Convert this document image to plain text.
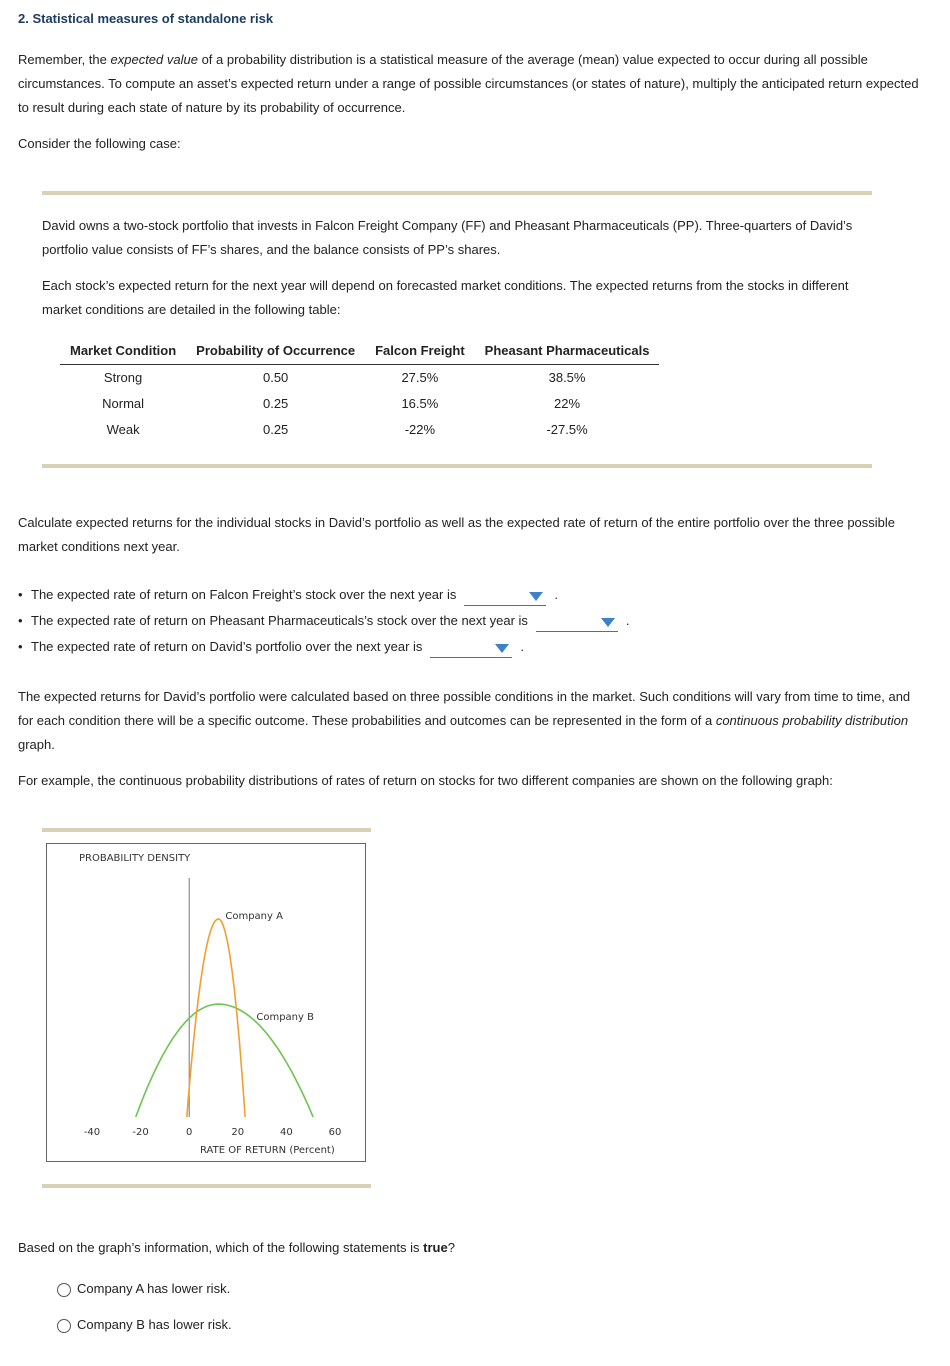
2. Statistical measures of standalone risk
Remember, the expected value of a probability distribution is a statistical measure of the average (mean) value expected to occur during all possible circumstances. To compute an asset’s expected return under a range of possible circumstances (or states of nature), multiply the anticipated return expected to result during each state of nature by its probability of occurrence.
Consider the following case:
David owns a two-stock portfolio that invests in Falcon Freight Company (FF) and Pheasant Pharmaceuticals (PP). Three-quarters of David’s portfolio value consists of FF’s shares, and the balance consists of PP’s shares.
Each stock’s expected return for the next year will depend on forecasted market conditions. The expected returns from the stocks in different market conditions are detailed in the following table:
Market Condition	Probability of Occurrence	Falcon Freight	Pheasant Pharmaceuticals
Strong	0.50	27.5%	38.5%
Normal	0.25	16.5%	22%
Weak	0.25	-22%	-27.5%
Calculate expected returns for the individual stocks in David’s portfolio as well as the expected rate of return of the entire portfolio over the three possible market conditions next year.
• The expected rate of return on Falcon Freight’s stock over the next year is	.
• The expected rate of return on Pheasant Pharmaceuticals’s stock over the next year is	.
• The expected rate of return on David’s portfolio over the next year is	.
The expected returns for David’s portfolio were calculated based on three possible conditions in the market. Such conditions will vary from time to time, and for each condition there will be a specific outcome. These probabilities and outcomes can be represented in the form of a continuous probability distribution graph.
For example, the continuous probability distributions of rates of return on stocks for two different companies are shown on the following graph:
PROBABILITY DENSITY
Company A
Company B
-40	-20	0	20	40	60
RATE OF RETURN (Percent)
Based on the graph’s information, which of the following statements is true?
Company A has lower risk.
Company B has lower risk.
